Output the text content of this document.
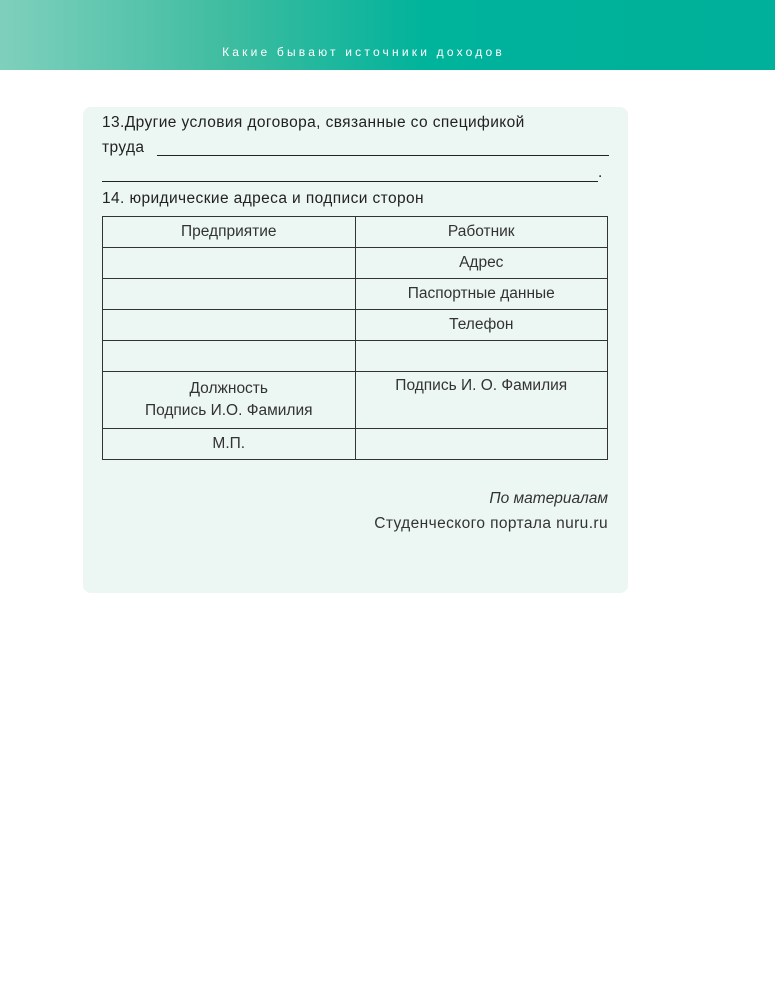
Какие бывают источники доходов
13.Другие условия договора, связанные со спецификой
труда
.
14. юридические адреса и подписи сторон
Предприятие	Работник
	Адрес
	Паспортные данные
	Телефон

Должность
Подпись И.О. Фамилия	Подпись И. О. Фамилия
М.П.	
По материалам
Студенческого портала nuru.ru
